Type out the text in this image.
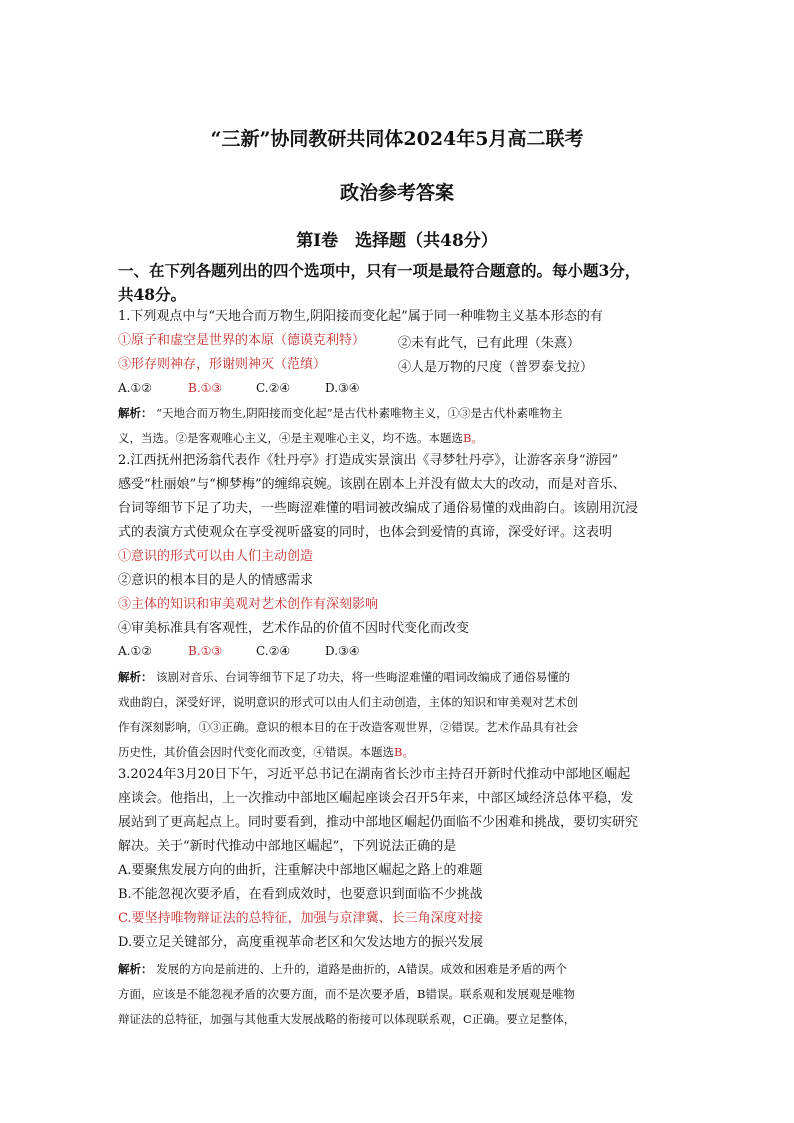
“三新”协同教研共同体2024年5月高二联考
政治参考答案
第Ⅰ卷　选择题（共48分）
一、在下列各题列出的四个选项中，只有一项是最符合题意的。每小题3分，
共48分。
1.下列观点中与“天地合而万物生,阴阳接而变化起”属于同一种唯物主义基本形态的有
①原子和虚空是世界的本原（德谟克利特）	②未有此气，已有此理（朱熹）
③形存则神存，形谢则神灭（范缜）	④人是万物的尺度（普罗泰戈拉）
A.①②	B.①③	C.②④	D.③④
解析： “天地合而万物生,阴阳接而变化起”是古代朴素唯物主义，①③是古代朴素唯物主
义，当选。②是客观唯心主义，④是主观唯心主义，均不选。本题选B。
2.江西抚州把汤翁代表作《牡丹亭》打造成实景演出《寻梦牡丹亭》，让游客亲身“游园”
感受“杜丽娘”与“柳梦梅”的缠绵哀婉。该剧在剧本上并没有做太大的改动，而是对音乐、
台词等细节下足了功夫，一些晦涩难懂的唱词被改编成了通俗易懂的戏曲韵白。该剧用沉浸
式的表演方式使观众在享受视听盛宴的同时，也体会到爱情的真谛，深受好评。这表明
①意识的形式可以由人们主动创造
②意识的根本目的是人的情感需求
③主体的知识和审美观对艺术创作有深刻影响
④审美标准具有客观性，艺术作品的价值不因时代变化而改变
A.①②	B.①③	C.②④	D.③④
解析： 该剧对音乐、台词等细节下足了功夫，将一些晦涩难懂的唱词改编成了通俗易懂的
戏曲韵白，深受好评，说明意识的形式可以由人们主动创造，主体的知识和审美观对艺术创
作有深刻影响，①③正确。意识的根本目的在于改造客观世界，②错误。艺术作品具有社会
历史性，其价值会因时代变化而改变，④错误。本题选B。
3.2024年3月20日下午，习近平总书记在湖南省长沙市主持召开新时代推动中部地区崛起
座谈会。他指出，上一次推动中部地区崛起座谈会召开5年来，中部区域经济总体平稳，发
展站到了更高起点上。同时要看到，推动中部地区崛起仍面临不少困难和挑战，要切实研究
解决。关于“新时代推动中部地区崛起”，下列说法正确的是
A.要聚焦发展方向的曲折，注重解决中部地区崛起之路上的难题
B.不能忽视次要矛盾，在看到成效时，也要意识到面临不少挑战
C.要坚持唯物辩证法的总特征，加强与京津冀、长三角深度对接
D.要立足关键部分，高度重视革命老区和欠发达地方的振兴发展
解析： 发展的方向是前进的、上升的，道路是曲折的，A错误。成效和困难是矛盾的两个
方面，应该是不能忽视矛盾的次要方面，而不是次要矛盾，B错误。联系观和发展观是唯物
辩证法的总特征，加强与其他重大发展战略的衔接可以体现联系观，C正确。要立足整体，
